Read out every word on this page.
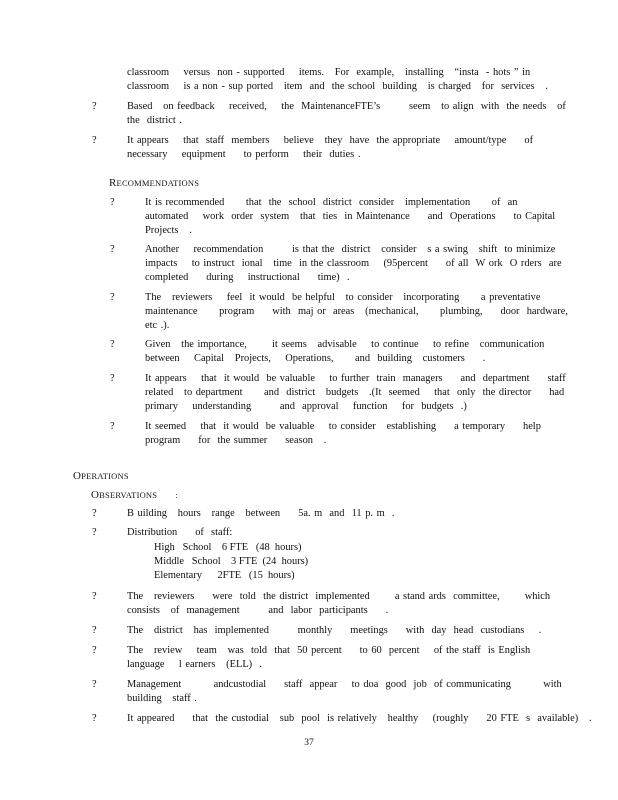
classroom    versus  non - supported    items.   For  example,   installing   “insta  - hots ” in
classroom    is a non - sup ported   item  and  the school  building   is charged   for  services   .
?	Based   on feedback    received,    the  MaintenanceFTE’s        seem   to align  with  the needs   of
the  district .
?	It appears    that  staff  members    believe   they  have  the appropriate    amount/type     of
necessary    equipment     to perform    their  duties .
RECOMMENDATIONS
?	It is recommended      that  the  school  district  consider   implementation      of  an
automated    work  order  system   that  ties  in Maintenance     and  Operations     to Capital
Projects   .
?	Another    recommendation        is that the  district   consider   s a swing   shift  to minimize
impacts    to instruct  ional   time  in the classroom    (95percent     of all  W ork  O rders  are
completed     during    instructional     time)  .
?	The   reviewers    feel  it would  be helpful   to consider   incorporating      a preventative
maintenance      program     with  maj or  areas   (mechanical,      plumbing,     door  hardware,
etc .).
?	Given   the importance,       it seems   advisable    to continue    to refine   communication
between    Capital   Projects,    Operations,      and  building   customers     .
?	It appears    that  it would  be valuable    to further  train  managers     and  department     staff
related   to department      and  district   budgets   .(It  seemed    that  only  the director     had
primary    understanding        and  approval    function    for  budgets  .)
?	It seemed    that  it would  be valuable    to consider   establishing     a temporary     help
program     for  the summer     season   .
OPERATIONS
OBSERVATIONS :
?	B uilding   hours   range   between     5a. m  and  11 p. m  .
?	Distribution     of  staff:
High   School    6 FTE   (48  hours)
Middle   School    3 FTE  (24  hours)
Elementary      2FTE   (15  hours)
?	The   reviewers     were  told  the district  implemented       a stand ards  committee,       which
consists   of  management        and  labor  participants     .
?	The   district   has  implemented        monthly     meetings     with  day  head  custodians    .
?	The   review    team   was  told  that  50 percent     to 60  percent    of the staff  is English
language    l earners   (ELL)  .
?	Management         andcustodial     staff  appear    to doa  good  job  of communicating         with
building   staff .
?	It appeared     that  the custodial   sub  pool  is relatively   healthy    (roughly     20 FTE  s  available)   .
37
